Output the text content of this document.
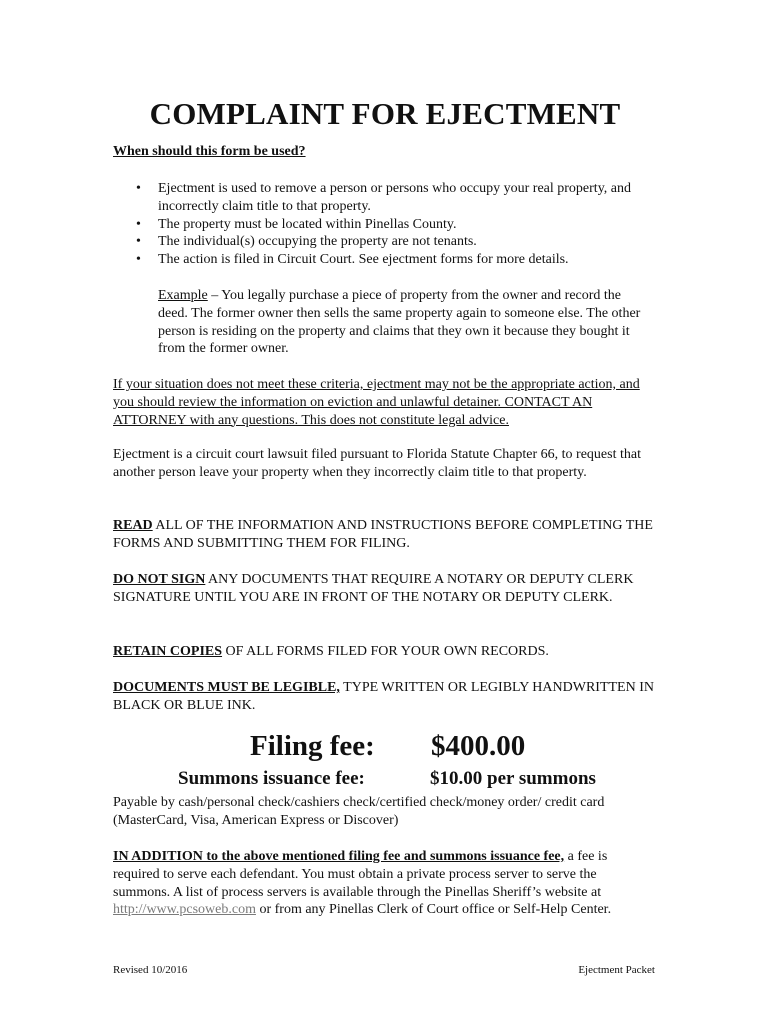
COMPLAINT FOR EJECTMENT

When should this form be used?

• Ejectment is used to remove a person or persons who occupy your real property, and incorrectly claim title to that property.
• The property must be located within Pinellas County.
• The individual(s) occupying the property are not tenants.
• The action is filed in Circuit Court. See ejectment forms for more details.

Example – You legally purchase a piece of property from the owner and record the deed. The former owner then sells the same property again to someone else. The other person is residing on the property and claims that they own it because they bought it from the former owner.

If your situation does not meet these criteria, ejectment may not be the appropriate action, and you should review the information on eviction and unlawful detainer. CONTACT AN ATTORNEY with any questions. This does not constitute legal advice.

Ejectment is a circuit court lawsuit filed pursuant to Florida Statute Chapter 66, to request that another person leave your property when they incorrectly claim title to that property.

READ ALL OF THE INFORMATION AND INSTRUCTIONS BEFORE COMPLETING THE FORMS AND SUBMITTING THEM FOR FILING.

DO NOT SIGN ANY DOCUMENTS THAT REQUIRE A NOTARY OR DEPUTY CLERK SIGNATURE UNTIL YOU ARE IN FRONT OF THE NOTARY OR DEPUTY CLERK.

RETAIN COPIES OF ALL FORMS FILED FOR YOUR OWN RECORDS.

DOCUMENTS MUST BE LEGIBLE, TYPE WRITTEN OR LEGIBLY HANDWRITTEN IN BLACK OR BLUE INK.

Filing fee: $400.00
Summons issuance fee:	$10.00 per summons

Payable by cash/personal check/cashiers check/certified check/money order/ credit card (MasterCard, Visa, American Express or Discover)

IN ADDITION to the above mentioned filing fee and summons issuance fee, a fee is required to serve each defendant. You must obtain a private process server to serve the summons. A list of process servers is available through the Pinellas Sheriff’s website at http://www.pcsoweb.com or from any Pinellas Clerk of Court office or Self-Help Center.

Revised 10/2016	Ejectment Packet
